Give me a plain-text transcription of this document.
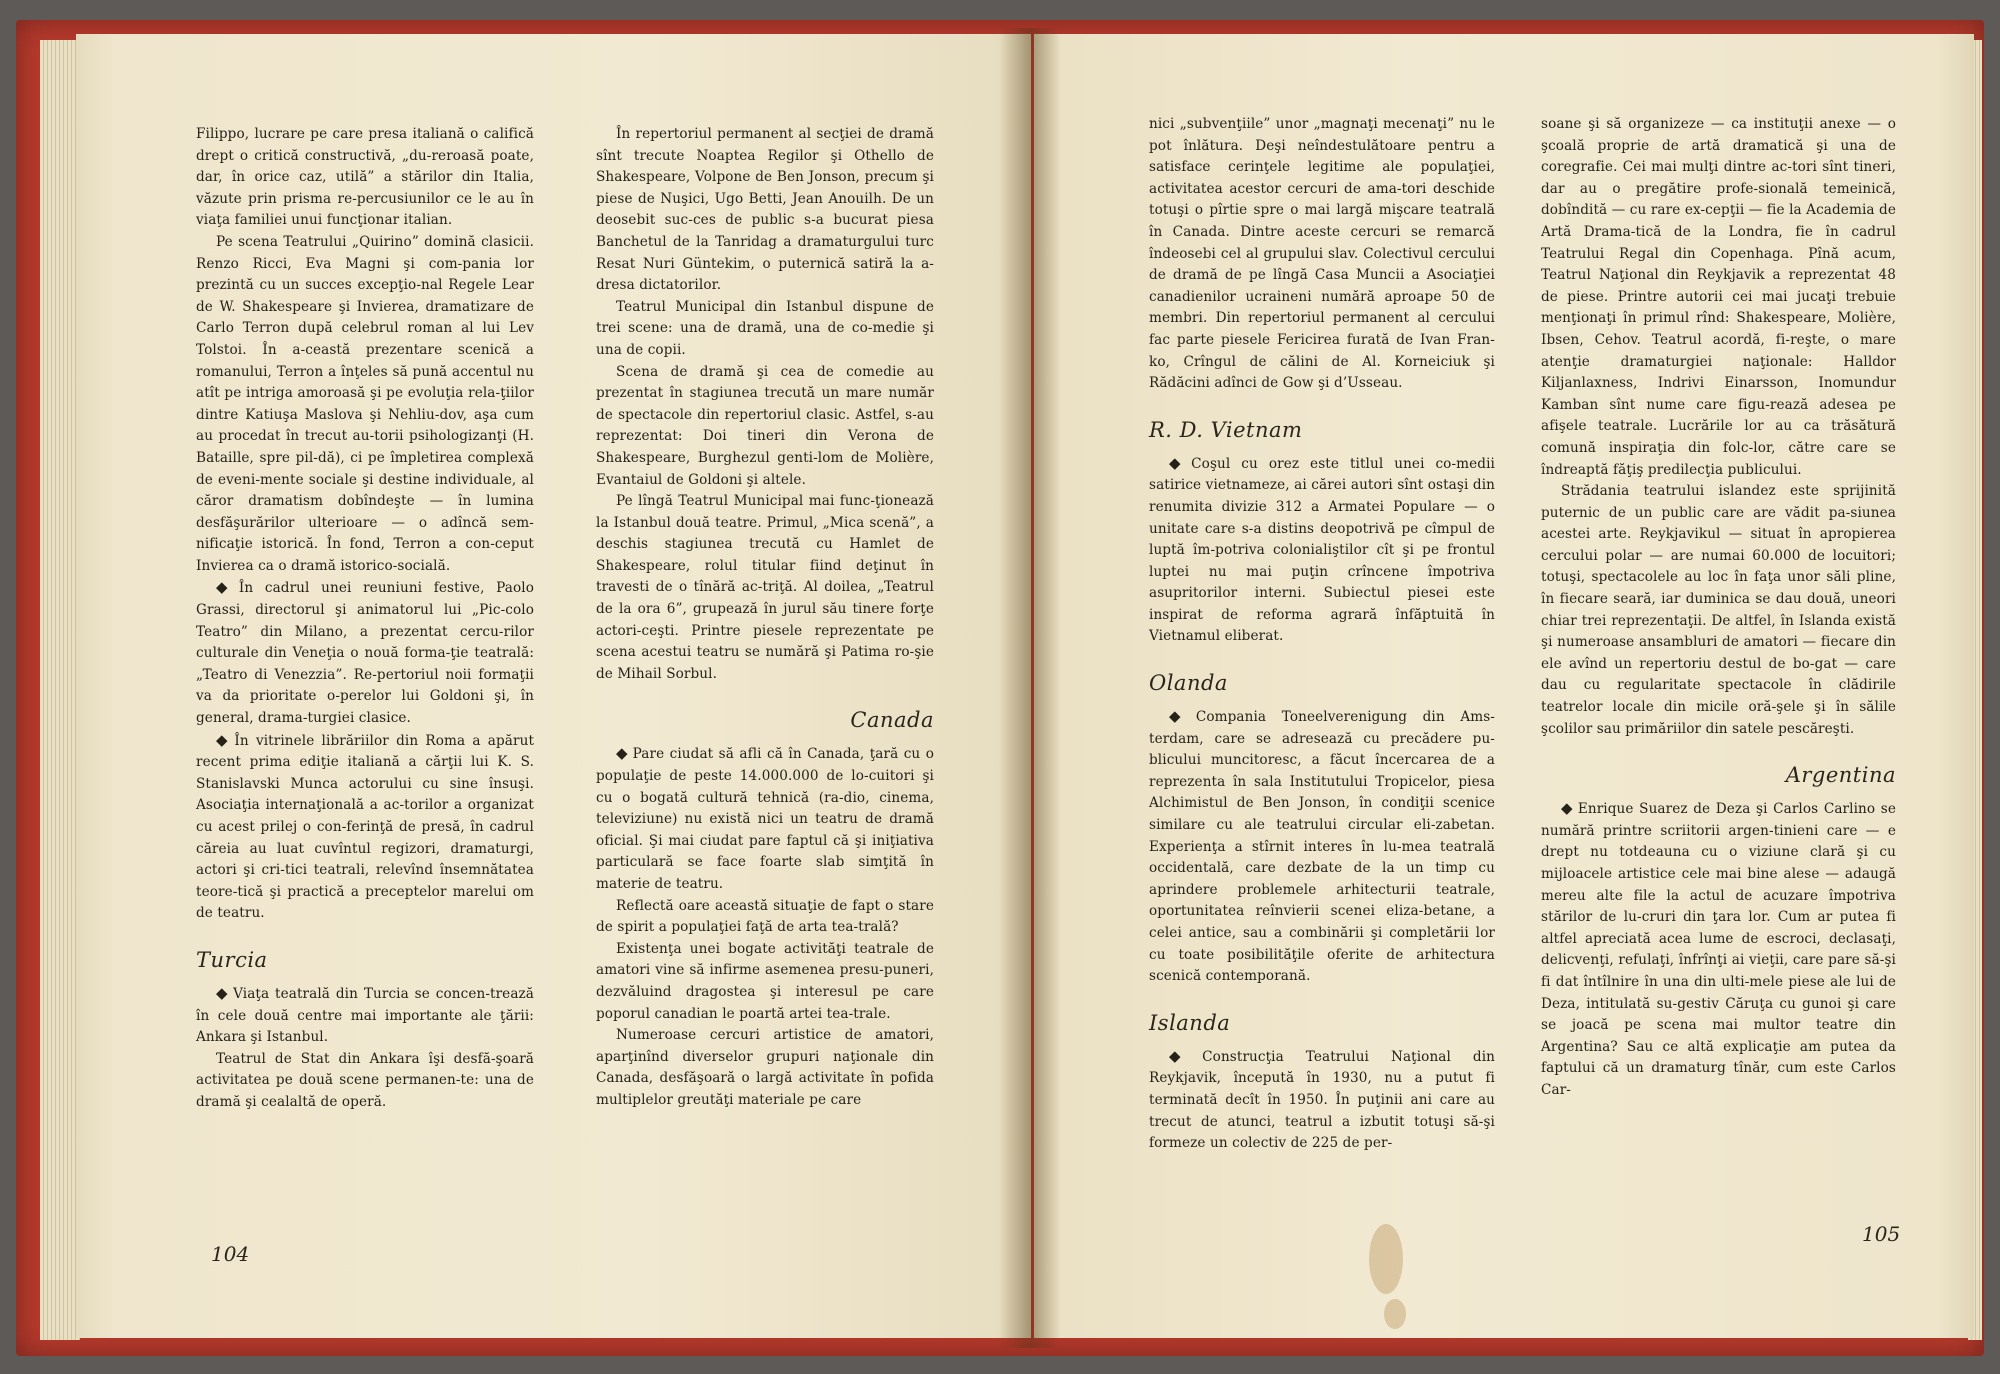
Filippo, lucrare pe care presa italiană o califică drept o critică constructivă, „du-reroasă poate, dar, în orice caz, utilă” a stărilor din Italia, văzute prin prisma re-percusiunilor ce le au în viaţa familiei unui funcţionar italian.

Pe scena Teatrului „Quirino” domină clasicii. Renzo Ricci, Eva Magni şi com-pania lor prezintă cu un succes excepţio-nal Regele Lear de W. Shakespeare şi Invierea, dramatizare de Carlo Terron după celebrul roman al lui Lev Tolstoi. În a-ceastă prezentare scenică a romanului, Terron a înţeles să pună accentul nu atît pe intriga amoroasă şi pe evoluţia rela-ţiilor dintre Katiuşa Maslova şi Nehliu-dov, aşa cum au procedat în trecut au-torii psihologizanţi (H. Bataille, spre pil-dă), ci pe împletirea complexă de eveni-mente sociale şi destine individuale, al căror dramatism dobîndeşte — în lumina desfăşurărilor ulterioare — o adîncă sem-nificaţie istorică. În fond, Terron a con-ceput Invierea ca o dramă istorico-socială.

◆ În cadrul unei reuniuni festive, Paolo Grassi, directorul şi animatorul lui „Pic-colo Teatro” din Milano, a prezentat cercu-rilor culturale din Veneţia o nouă forma-ţie teatrală: „Teatro di Venezzia”. Re-pertoriul noii formaţii va da prioritate o-perelor lui Goldoni şi, în general, drama-turgiei clasice.

◆ În vitrinele librăriilor din Roma a apărut recent prima ediţie italiană a cărţii lui K. S. Stanislavski Munca actorului cu sine însuşi. Asociaţia internaţională a ac-torilor a organizat cu acest prilej o con-ferinţă de presă, în cadrul căreia au luat cuvîntul regizori, dramaturgi, actori şi cri-tici teatrali, relevînd însemnătatea teore-tică şi practică a preceptelor marelui om de teatru.

Turcia

◆ Viaţa teatrală din Turcia se concen-trează în cele două centre mai importante ale ţării: Ankara şi Istanbul.

Teatrul de Stat din Ankara îşi desfă-şoară activitatea pe două scene permanen-te: una de dramă şi cealaltă de operă.

În repertoriul permanent al secţiei de dramă sînt trecute Noaptea Regilor şi Othello de Shakespeare, Volpone de Ben Jonson, precum şi piese de Nuşici, Ugo Betti, Jean Anouilh. De un deosebit suc-ces de public s-a bucurat piesa Banchetul de la Tanridag a dramaturgului turc Resat Nuri Güntekim, o puternică satiră la a-dresa dictatorilor.

Teatrul Municipal din Istanbul dispune de trei scene: una de dramă, una de co-medie şi una de copii.

Scena de dramă şi cea de comedie au prezentat în stagiunea trecută un mare număr de spectacole din repertoriul clasic. Astfel, s-au reprezentat: Doi tineri din Verona de Shakespeare, Burghezul genti-lom de Molière, Evantaiul de Goldoni şi altele.

Pe lîngă Teatrul Municipal mai func-ţionează la Istanbul două teatre. Primul, „Mica scenă”, a deschis stagiunea trecută cu Hamlet de Shakespeare, rolul titular fiind deţinut în travesti de o tînără ac-triţă. Al doilea, „Teatrul de la ora 6”, grupează în jurul său tinere forţe actori-ceşti. Printre piesele reprezentate pe scena acestui teatru se numără şi Patima ro-şie de Mihail Sorbul.

Canada

◆ Pare ciudat să afli că în Canada, ţară cu o populaţie de peste 14.000.000 de lo-cuitori şi cu o bogată cultură tehnică (ra-dio, cinema, televiziune) nu există nici un teatru de dramă oficial. Şi mai ciudat pare faptul că şi iniţiativa particulară se face foarte slab simţită în materie de teatru.

Reflectă oare această situaţie de fapt o stare de spirit a populaţiei faţă de arta tea-trală?

Existenţa unei bogate activităţi teatrale de amatori vine să infirme asemenea presu-puneri, dezvăluind dragostea şi interesul pe care poporul canadian le poartă artei tea-trale.

Numeroase cercuri artistice de amatori, aparţinînd diverselor grupuri naţionale din Canada, desfăşoară o largă activitate în pofida multiplelor greutăţi materiale pe care

104

nici „subvenţiile” unor „magnaţi mecenaţi” nu le pot înlătura. Deşi neîndestulătoare pentru a satisface cerinţele legitime ale populaţiei, activitatea acestor cercuri de ama-tori deschide totuşi o pîrtie spre o mai largă mişcare teatrală în Canada. Dintre aceste cercuri se remarcă îndeosebi cel al grupului slav. Colectivul cercului de dramă de pe lîngă Casa Muncii a Asociaţiei canadienilor ucraineni numără aproape 50 de membri. Din repertoriul permanent al cercului fac parte piesele Fericirea furată de Ivan Fran-ko, Crîngul de călini de Al. Korneiciuk şi Rădăcini adînci de Gow şi d’Usseau.

R. D. Vietnam

◆ Coşul cu orez este titlul unei co-medii satirice vietnameze, ai cărei autori sînt ostaşi din renumita divizie 312 a Armatei Populare — o unitate care s-a distins deopotrivă pe cîmpul de luptă îm-potriva colonialiştilor cît şi pe frontul luptei nu mai puţin crîncene împotriva asupritorilor interni. Subiectul piesei este inspirat de reforma agrară înfăptuită în Vietnamul eliberat.

Olanda

◆ Compania Toneelverenigung din Ams-terdam, care se adresează cu precădere pu-blicului muncitoresc, a făcut încercarea de a reprezenta în sala Institutului Tropicelor, piesa Alchimistul de Ben Jonson, în condiţii scenice similare cu ale teatrului circular eli-zabetan. Experienţa a stîrnit interes în lu-mea teatrală occidentală, care dezbate de la un timp cu aprindere problemele arhitecturii teatrale, oportunitatea reînvierii scenei eliza-betane, a celei antice, sau a combinării şi completării lor cu toate posibilităţile oferite de arhitectura scenică contemporană.

Islanda

◆ Construcţia Teatrului Naţional din Reykjavik, începută în 1930, nu a putut fi terminată decît în 1950. În puţinii ani care au trecut de atunci, teatrul a izbutit totuşi să-şi formeze un colectiv de 225 de per-

soane şi să organizeze — ca instituţii anexe — o şcoală proprie de artă dramatică şi una de coregrafie. Cei mai mulţi dintre ac-tori sînt tineri, dar au o pregătire profe-sională temeinică, dobîndită — cu rare ex-cepţii — fie la Academia de Artă Drama-tică de la Londra, fie în cadrul Teatrului Regal din Copenhaga. Pînă acum, Teatrul Naţional din Reykjavik a reprezentat 48 de piese. Printre autorii cei mai jucaţi trebuie menţionaţi în primul rînd: Shakespeare, Molière, Ibsen, Cehov. Teatrul acordă, fi-reşte, o mare atenţie dramaturgiei naţionale: Halldor Kiljanlaxness, Indrivi Einarsson, Inomundur Kamban sînt nume care figu-rează adesea pe afişele teatrale. Lucrările lor au ca trăsătură comună inspiraţia din folc-lor, către care se îndreaptă făţiş predilecţia publicului.

Strădania teatrului islandez este sprijinită puternic de un public care are vădit pa-siunea acestei arte. Reykjavikul — situat în apropierea cercului polar — are numai 60.000 de locuitori; totuşi, spectacolele au loc în faţa unor săli pline, în fiecare seară, iar duminica se dau două, uneori chiar trei reprezentaţii. De altfel, în Islanda există şi numeroase ansambluri de amatori — fiecare din ele avînd un repertoriu destul de bo-gat — care dau cu regularitate spectacole în clădirile teatrelor locale din micile oră-şele şi în sălile şcolilor sau primăriilor din satele pescăreşti.

Argentina

◆ Enrique Suarez de Deza şi Carlos Carlino se numără printre scriitorii argen-tinieni care — e drept nu totdeauna cu o viziune clară şi cu mijloacele artistice cele mai bine alese — adaugă mereu alte file la actul de acuzare împotriva stărilor de lu-cruri din ţara lor. Cum ar putea fi altfel apreciată acea lume de escroci, declasaţi, delicvenţi, refulaţi, înfrînţi ai vieţii, care pare să-şi fi dat întîlnire în una din ulti-mele piese ale lui de Deza, intitulată su-gestiv Căruţa cu gunoi şi care se joacă pe scena mai multor teatre din Argentina? Sau ce altă explicaţie am putea da faptului că un dramaturg tînăr, cum este Carlos Car-

105
